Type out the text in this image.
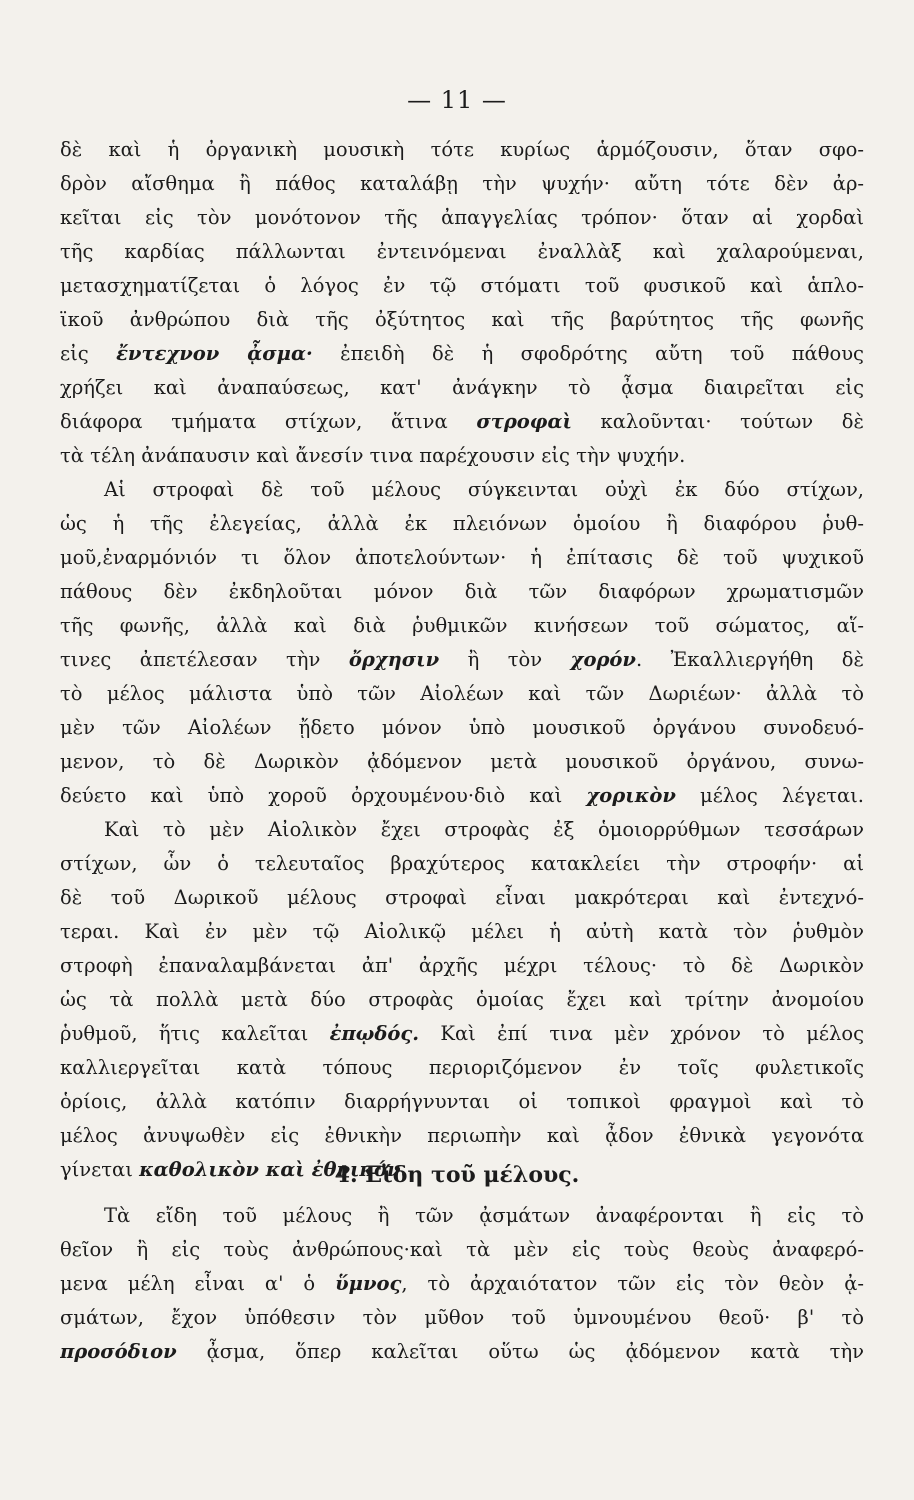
— 11 —
δὲ καὶ ἡ ὀργανικὴ μουσικὴ τότε κυρίως ἁρμόζουσιν, ὅταν σφο-
δρὸν αἴσθημα ἢ πάθος καταλάβῃ τὴν ψυχήν· αὔτη τότε δὲν ἀρ-
κεῖται εἰς τὸν μονότονον τῆς ἀπαγγελίας τρόπον· ὅταν αἱ χορδαὶ
τῆς καρδίας πάλλωνται ἐντεινόμεναι ἐναλλὰξ καὶ χαλαρούμεναι,
μετασχηματίζεται ὁ λόγος ἐν τῷ στόματι τοῦ φυσικοῦ καὶ ἁπλο-
ϊκοῦ ἀνθρώπου διὰ τῆς ὀξύτητος καὶ τῆς βαρύτητος τῆς φωνῆς
εἰς ἔντεχνον ᾆσμα· ἐπειδὴ δὲ ἡ σφοδρότης αὔτη τοῦ πάθους
χρήζει καὶ ἀναπαύσεως, κατ' ἀνάγκην τὸ ᾆσμα διαιρεῖται εἰς
διάφορα τμήματα στίχων, ἅτινα στροφαὶ καλοῦνται· τούτων δὲ
τὰ τέλη ἀνάπαυσιν καὶ ἄνεσίν τινα παρέχουσιν εἰς τὴν ψυχήν.
Αἱ στροφαὶ δὲ τοῦ μέλους σύγκεινται οὐχὶ ἐκ δύο στίχων,
ὡς ἡ τῆς ἐλεγείας, ἀλλὰ ἐκ πλειόνων ὁμοίου ἢ διαφόρου ῥυθ-
μοῦ,ἐναρμόνιόν τι ὅλον ἀποτελούντων· ἡ ἐπίτασις δὲ τοῦ ψυχικοῦ
πάθους δὲν ἐκδηλοῦται μόνον διὰ τῶν διαφόρων χρωματισμῶν
τῆς φωνῆς, ἀλλὰ καὶ διὰ ῥυθμικῶν κινήσεων τοῦ σώματος, αἵ-
τινες ἀπετέλεσαν τὴν ὄρχησιν ἢ τὸν χορόν. Ἐκαλλιεργήθη δὲ
τὸ μέλος μάλιστα ὑπὸ τῶν Αἰολέων καὶ τῶν Δωριέων· ἀλλὰ τὸ
μὲν τῶν Αἰολέων ᾔδετο μόνον ὑπὸ μουσικοῦ ὀργάνου συνοδευό-
μενον, τὸ δὲ Δωρικὸν ᾀδόμενον μετὰ μουσικοῦ ὀργάνου, συνω-
δεύετο καὶ ὑπὸ χοροῦ ὀρχουμένου·διὸ καὶ χορικὸν μέλος λέγεται.
Καὶ τὸ μὲν Αἰολικὸν ἔχει στροφὰς ἐξ ὁμοιορρύθμων τεσσάρων
στίχων, ὧν ὁ τελευταῖος βραχύτερος κατακλείει τὴν στροφήν· αἱ
δὲ τοῦ Δωρικοῦ μέλους στροφαὶ εἶναι μακρότεραι καὶ ἐντεχνό-
τεραι. Καὶ ἐν μὲν τῷ Αἰολικῷ μέλει ἡ αὐτὴ κατὰ τὸν ῥυθμὸν
στροφὴ ἐπαναλαμβάνεται ἀπ' ἀρχῆς μέχρι τέλους· τὸ δὲ Δωρικὸν
ὡς τὰ πολλὰ μετὰ δύο στροφὰς ὁμοίας ἔχει καὶ τρίτην ἀνομοίου
ῥυθμοῦ, ἥτις καλεῖται ἐπῳδός. Καὶ ἐπί τινα μὲν χρόνον τὸ μέλος
καλλιεργεῖται κατὰ τόπους περιοριζόμενον ἐν τοῖς φυλετικοῖς
ὁρίοις, ἀλλὰ κατόπιν διαρρήγνυνται οἱ τοπικοὶ φραγμοὶ καὶ τὸ
μέλος ἀνυψωθὲν εἰς ἐθνικὴν περιωπὴν καὶ ᾆδον ἐθνικὰ γεγονότα
γίνεται καθολικὸν καὶ ἐθνικόν.
Τὰ εἴδη τοῦ μέλους ἢ τῶν ᾀσμάτων ἀναφέρονται ἢ εἰς τὸ
θεῖον ἢ εἰς τοὺς ἀνθρώπους·καὶ τὰ μὲν εἰς τοὺς θεοὺς ἀναφερό-
μενα μέλη εἶναι α' ὁ ὕμνος, τὸ ἀρχαιότατον τῶν εἰς τὸν θεὸν ᾀ-
σμάτων, ἔχον ὑπόθεσιν τὸν μῦθον τοῦ ὑμνουμένου θεοῦ· β' τὸ
προσόδιον ᾆσμα, ὅπερ καλεῖται οὕτω ὡς ᾀδόμενον κατὰ τὴν
4. Εἴδη τοῦ μέλους.
